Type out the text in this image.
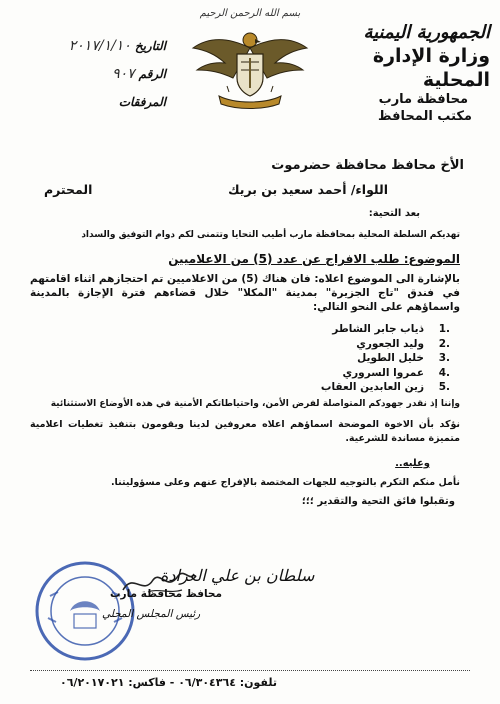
الجمهورية اليمنية
وزارة الإدارة المحلية
محافظة مارب
مكتب المحافظ
بسم الله الرحمن الرحيم
التاريخ
٢٠١٧/١/١٠
الرقم
٩٠٧
المرفقات
الأخ محافظ محافظة حضرموت
اللواء/ أحمد سعيد بن بريك
المحترم
بعد التحية:
تهديكم السلطة المحلية بمحافظة مارب أطيب التحايا وتتمنى لكم دوام التوفيق والسداد
الموضوع: طلب الافراج عن عدد (5) من الاعلاميين
بالإشارة الى الموضوع اعلاه: فان هناك (5) من الاعلاميين تم احتجازهم اثناء اقامتهم في فندق "تاج الجزيرة" بمدينة "المكلا" خلال قضاءهم فترة الإجازة بالمدينة واسماؤهم على النحو التالي:
.1
ذياب جابر الشاطر
.2
وليد الجعوري
.3
خليل الطويل
.4
عمروا السروري
.5
زين العابدين العقاب
وإننا إذ نقدر جهودكم المتواصلة لفرض الأمن، واحتياطاتكم الأمنية في هذه الأوضاع الاستثنائية
نؤكد بأن الاخوة الموضحة اسماؤهم اعلاه معروفين لدينا ويقومون بتنفيذ تغطيات اعلامية متميزة مساندة للشرعية.
وعليه..
نأمل منكم التكرم بالتوجيه للجهات المختصة بالإفراج عنهم وعلى مسؤوليتنا.
وتقبلوا فائق التحية والتقدير ؛؛؛
سلطان بن علي العرادة
محافظ محافظة مارب
رئيس المجلس المحلي
تلفون: ٠٦/٣٠٤٣٦٤ - فاكس: ٠٦/٢٠١٧٠٢١
